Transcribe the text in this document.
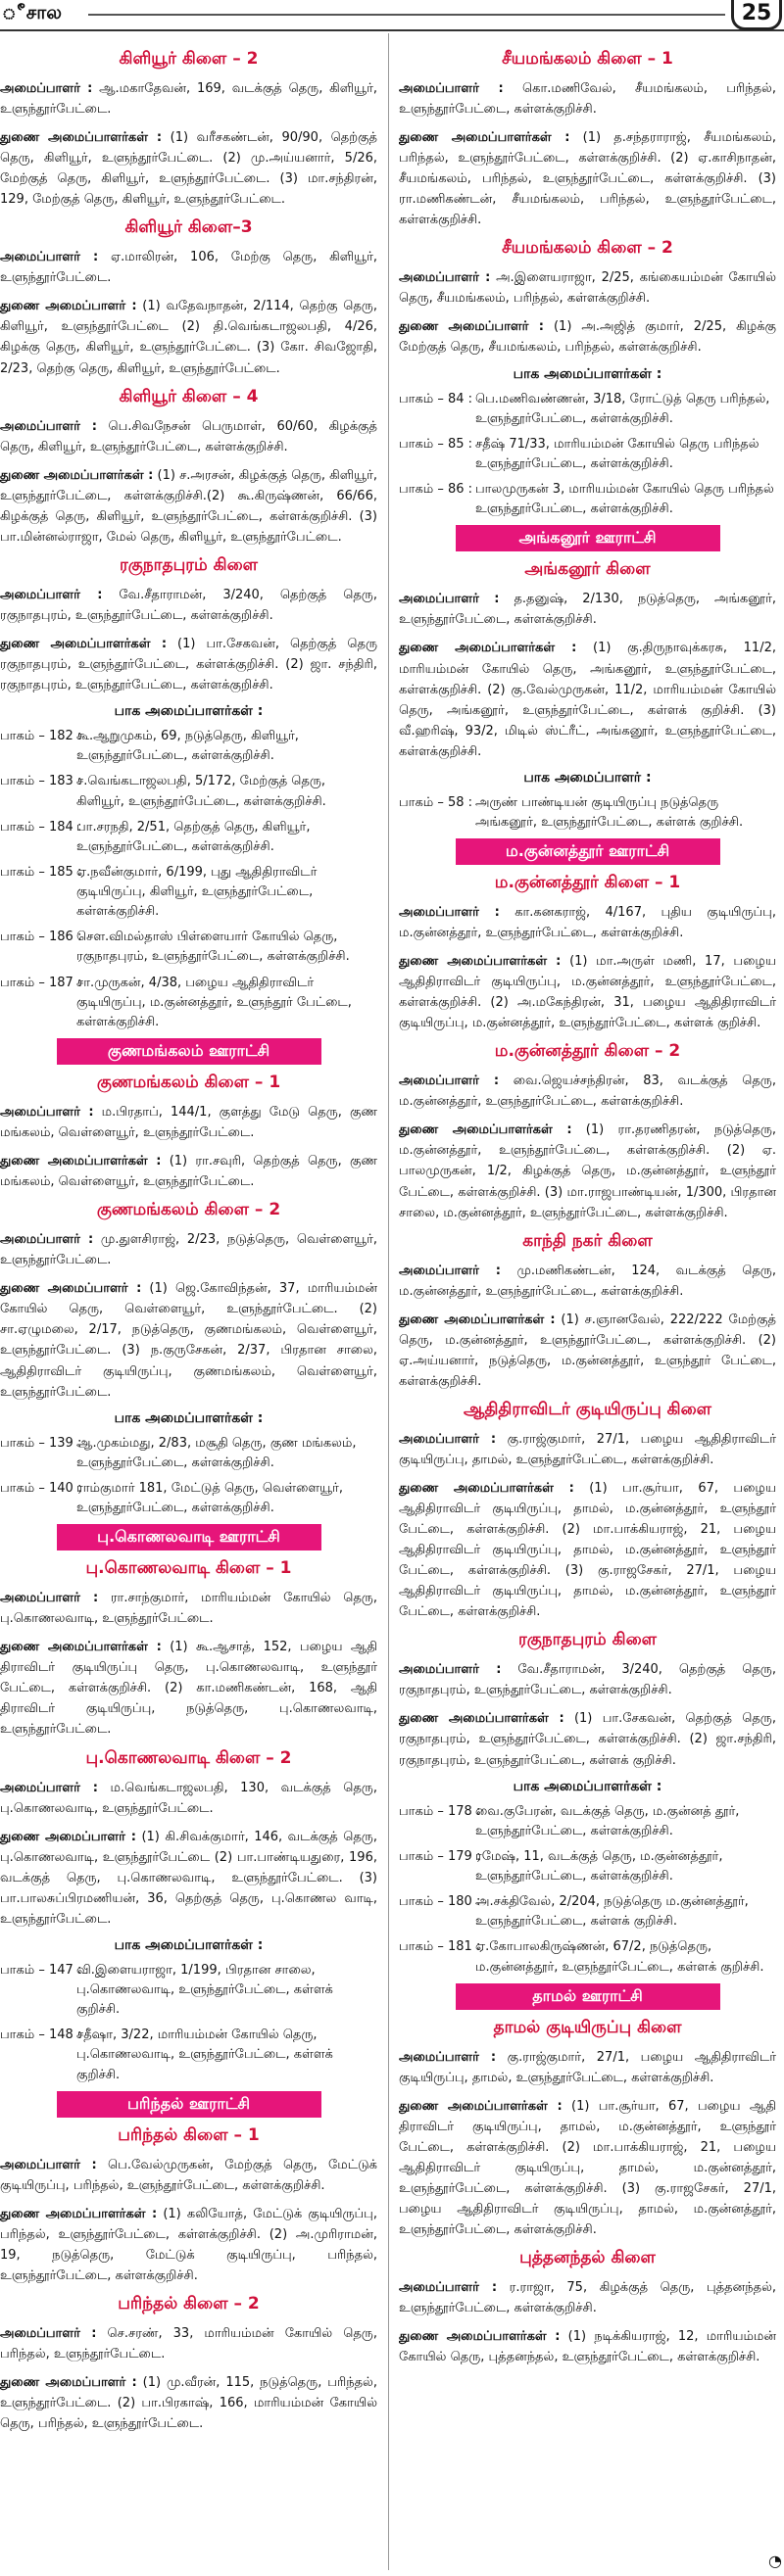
ீசால	25
கிளியூர் கிளை – 2

அமைப்பாளர் : ஆ.மகாதேவன், 169, வடக்குத் தெரு, கிளியூர், உளுந்தூர்பேட்டை.

துணை அமைப்பாளர்கள் : (1) வரீசகண்டன், 90/90, தெற்குத் தெரு, கிளியூர், உளுந்தூர்பேட்டை. (2) மு.அய்யனார், 5/26, மேற்குத் தெரு, கிளியூர், உளுந்தூர்பேட்டை. (3) மா.சந்திரன், 129, மேற்குத் தெரு, கிளியூர், உளுந்தூர்பேட்டை.

கிளியூர் கிளை–3

அமைப்பாளர் : ஏ.மாலிரன், 106, மேற்கு தெரு, கிளியூர், உளுந்தூர்பேட்டை.

துணை அமைப்பாளர் : (1) வதேவநாதன், 2/114, தெற்கு தெரு, கிளியூர், உளுந்தூர்பேட்டை (2) தி.வெங்கடாஜலபதி, 4/26, கிழக்கு தெரு, கிளியூர், உளுந்தூர்பேட்டை. (3) கோ. சிவஜோதி, 2/23, தெற்கு தெரு, கிளியூர், உளுந்தூர்பேட்டை.

கிளியூர் கிளை – 4

அமைப்பாளர் : பெ.சிவநேசன் பெருமாள், 60/60, கிழக்குத் தெரு, கிளியூர், உளுந்தூர்பேட்டை, கள்ளக்குறிச்சி.

துணை அமைப்பாளர்கள் : (1) ச.அரசன், கிழக்குத் தெரு, கிளியூர், உளுந்தூர்பேட்டை, கள்ளக்குறிச்சி.(2) கூ.கிருஷ்ணன், 66/66, கிழக்குத் தெரு, கிளியூர், உளுந்தூர்பேட்டை, கள்ளக்குறிச்சி. (3) பா.மின்னல்ராஜா, மேல் தெரு, கிளியூர், உளுந்தூர்பேட்டை.

ரகுநாதபுரம் கிளை

அமைப்பாளர் : வே.சீதாராமன், 3/240, தெற்குத் தெரு, ரகுநாதபுரம், உளுந்தூர்பேட்டை, கள்ளக்குறிச்சி.

துணை அமைப்பாளர்கள் : (1) பா.சேகவன், தெற்குத் தெரு ரகுநாதபுரம், உளுந்தூர்பேட்டை, கள்ளக்குறிச்சி. (2) ஜா. சந்திரி, ரகுநாதபுரம், உளுந்தூர்பேட்டை, கள்ளக்குறிச்சி.

பாக அமைப்பாளர்கள் :
பாகம் – 182 :
கூ.ஆறுமுகம், 69, நடுத்தெரு, கிளியூர், உளுந்தூர்பேட்டை, கள்ளக்குறிச்சி.
பாகம் – 183 :
ச.வெங்கடாஜலபதி, 5/172, மேற்குத் தெரு, கிளியூர், உளுந்தூர்பேட்டை, கள்ளக்குறிச்சி.
பாகம் – 184 :
பா.சரநதி, 2/51, தெற்குத் தெரு, கிளியூர், உளுந்தூர்பேட்டை, கள்ளக்குறிச்சி.
பாகம் – 185 :
ஏ.நவீன்குமார், 6/199, புது ஆதிதிராவிடர் குடியிருப்பு, கிளியூர், உளுந்தூர்பேட்டை, கள்ளக்குறிச்சி.
பாகம் – 186 :
செள.விமல்தாஸ் பிள்ளையார் கோயில் தெரு, ரகுநாதபுரம், உளுந்தூர்பேட்டை, கள்ளக்குறிச்சி.
பாகம் – 187 :
சா.முருகன், 4/38, பழைய ஆதிதிராவிடர் குடியிருப்பு, ம.குன்னத்தூர், உளுந்தூர் பேட்டை, கள்ளக்குறிச்சி.
குணமங்கலம் ஊராட்சி
குணமங்கலம் கிளை – 1

அமைப்பாளர் : ம.பிரதாப், 144/1, குளத்து மேடு தெரு, குண மங்கலம், வெள்ளையூர், உளுந்தூர்பேட்டை.

துணை அமைப்பாளர்கள் : (1) ரா.சவுரி, தெற்குத் தெரு, குண மங்கலம், வெள்ளையூர், உளுந்தூர்பேட்டை.

குணமங்கலம் கிளை – 2

அமைப்பாளர் : மு.துளசிராஜ், 2/23, நடுத்தெரு, வெள்ளையூர், உளுந்தூர்பேட்டை.

துணை அமைப்பாளர் : (1) ஜெ.கோவிந்தன், 37, மாரியம்மன் கோயில் தெரு, வெள்ளையூர், உளுந்தூர்பேட்டை. (2) சா.ஏழுமலை, 2/17, நடுத்தெரு, குணமங்கலம், வெள்ளையூர், உளுந்தூர்பேட்டை. (3) ந.குருசேகன், 2/37, பிரதான சாலை, ஆதிதிராவிடர் குடியிருப்பு, குணமங்கலம், வெள்ளையூர், உளுந்தூர்பேட்டை.

பாக அமைப்பாளர்கள் :
பாகம் – 139 :
ஆ.முகம்மது, 2/83, மசூதி தெரு, குண மங்கலம், உளுந்தூர்பேட்டை, கள்ளக்குறிச்சி.
பாகம் – 140 :
ராம்குமார் 181, மேட்டுத் தெரு, வெள்ளையூர், உளுந்தூர்பேட்டை, கள்ளக்குறிச்சி.
பு.கொணலவாடி ஊராட்சி
பு.கொணலவாடி கிளை – 1

அமைப்பாளர் : ரா.சாந்குமார், மாரியம்மன் கோயில் தெரு, பு.கொணலவாடி, உளுந்தூர்பேட்டை.

துணை அமைப்பாளர்கள் : (1) கூ.ஆசாத், 152, பழைய ஆதி திராவிடர் குடியிருப்பு தெரு, பு.கொணலவாடி, உளுந்தூர் பேட்டை, கள்ளக்குறிச்சி. (2) கா.மணிகண்டன், 168, ஆதி திராவிடர் குடியிருப்பு, நடுத்தெரு, பு.கொணலவாடி, உளுந்தூர்பேட்டை.

பு.கொணலவாடி கிளை – 2

அமைப்பாளர் : ம.வெங்கடாஜலபதி, 130, வடக்குத் தெரு, பு.கொணலவாடி, உளுந்தூர்பேட்டை.

துணை அமைப்பாளர் : (1) கி.சிவக்குமார், 146, வடக்குத் தெரு, பு.கொணலவாடி, உளுந்தூர்பேட்டை (2) பா.பாண்டியதுரை, 196, வடக்குத் தெரு, பு.கொணலவாடி, உளுந்தூர்பேட்டை. (3) பா.பாலசுப்பிரமணியன், 36, தெற்குத் தெரு, பு.கொணல வாடி, உளுந்தூர்பேட்டை.

பாக அமைப்பாளர்கள் :
பாகம் – 147 :
வி.இளையராஜா, 1/199, பிரதான சாலை, பு.கொணலவாடி, உளுந்தூர்பேட்டை, கள்ளக் குறிச்சி.
பாகம் – 148 :
சதீஷா, 3/22, மாரியம்மன் கோயில் தெரு, பு.கொணலவாடி, உளுந்தூர்பேட்டை, கள்ளக் குறிச்சி.
பரிந்தல் ஊராட்சி
பரிந்தல் கிளை – 1

அமைப்பாளர் : பெ.வேல்முருகன், மேற்குத் தெரு, மேட்டுக் குடியிருப்பு, பரிந்தல், உளுந்தூர்பேட்டை, கள்ளக்குறிச்சி.

துணை அமைப்பாளர்கள் : (1) கலியோத், மேட்டுக் குடியிருப்பு, பரிந்தல், உளுந்தூர்பேட்டை, கள்ளக்குறிச்சி. (2) அ.முரிராமன், 19, நடுத்தெரு, மேட்டுக் குடியிருப்பு, பரிந்தல், உளுந்தூர்பேட்டை, கள்ளக்குறிச்சி.

பரிந்தல் கிளை – 2

அமைப்பாளர் : செ.சரண், 33, மாரியம்மன் கோயில் தெரு, பரிந்தல், உளுந்தூர்பேட்டை.

துணை அமைப்பாளர் : (1) மு.வீரன், 115, நடுத்தெரு, பரிந்தல், உளுந்தூர்பேட்டை. (2) பா.பிரகாஷ், 166, மாரியம்மன் கோயில் தெரு, பரிந்தல், உளுந்தூர்பேட்டை.

சீயமங்கலம் கிளை – 1

அமைப்பாளர் : கொ.மணிவேல், சீயமங்கலம், பரிந்தல், உளுந்தூர்பேட்டை, கள்ளக்குறிச்சி.

துணை அமைப்பாளர்கள் : (1) த.சந்தராராஜ், சீயமங்கலம், பரிந்தல், உளுந்தூர்பேட்டை, கள்ளக்குறிச்சி. (2) ஏ.காசிநாதன், சீயமங்கலம், பரிந்தல், உளுந்தூர்பேட்டை, கள்ளக்குறிச்சி. (3) ரா.மணிகண்டன், சீயமங்கலம், பரிந்தல், உளுந்தூர்பேட்டை, கள்ளக்குறிச்சி.

சீயமங்கலம் கிளை – 2

அமைப்பாளர் : அ.இளையராஜா, 2/25, கங்கையம்மன் கோயில் தெரு, சீயமங்கலம், பரிந்தல், கள்ளக்குறிச்சி.

துணை அமைப்பாளர் : (1) அ.அஜித் குமார், 2/25, கிழக்கு மேற்குத் தெரு, சீயமங்கலம், பரிந்தல், கள்ளக்குறிச்சி.

பாக அமைப்பாளர்கள் :
பாகம் – 84 : பெ.மணிவண்ணன், 3/18, ரோட்டுத் தெரு பரிந்தல், உளுந்தூர்பேட்டை, கள்ளக்குறிச்சி.
பாகம் – 85 : சதீஷ் 71/33, மாரியம்மன் கோயில் தெரு பரிந்தல் உளுந்தூர்பேட்டை, கள்ளக்குறிச்சி.
பாகம் – 86 : பாலமுருகன் 3, மாரியம்மன் கோயில் தெரு பரிந்தல் உளுந்தூர்பேட்டை, கள்ளக்குறிச்சி.
அங்கனூர் ஊராட்சி
அங்கனூர் கிளை

அமைப்பாளர் : த.தனுஷ், 2/130, நடுத்தெரு, அங்கனூர், உளுந்தூர்பேட்டை, கள்ளக்குறிச்சி.

துணை அமைப்பாளர்கள் : (1) கு.திருநாவுக்கரசு, 11/2, மாரியம்மன் கோயில் தெரு, அங்கனூர், உளுந்தூர்பேட்டை, கள்ளக்குறிச்சி. (2) கு.வேல்முருகன், 11/2, மாரியம்மன் கோயில் தெரு, அங்கனூர், உளுந்தூர்பேட்டை, கள்ளக் குறிச்சி. (3) வீ.ஹரிஷ், 93/2, மிடில் ஸ்ட்ரீட், அங்கனூர், உளுந்தூர்பேட்டை, கள்ளக்குறிச்சி.

பாக அமைப்பாளர் :
பாகம் – 58 : அருண் பாண்டியன் குடியிருப்பு நடுத்தெரு அங்கனூர், உளுந்தூர்பேட்டை, கள்ளக் குறிச்சி.
ம.குன்னத்தூர் ஊராட்சி
ம.குன்னத்தூர் கிளை – 1

அமைப்பாளர் : கா.கனகராஜ், 4/167, புதிய குடியிருப்பு, ம.குன்னத்தூர், உளுந்தூர்பேட்டை, கள்ளக்குறிச்சி.

துணை அமைப்பாளர்கள் : (1) மா.அருள் மணி, 17, பழைய ஆதிதிராவிடர் குடியிருப்பு, ம.குன்னத்தூர், உளுந்தூர்பேட்டை, கள்ளக்குறிச்சி. (2) அ.மகேந்திரன், 31, பழைய ஆதிதிராவிடர் குடியிருப்பு, ம.குன்னத்தூர், உளுந்தூர்பேட்டை, கள்ளக் குறிச்சி.

ம.குன்னத்தூர் கிளை – 2

அமைப்பாளர் : வை.ஜெயச்சந்திரன், 83, வடக்குத் தெரு, ம.குன்னத்தூர், உளுந்தூர்பேட்டை, கள்ளக்குறிச்சி.

துணை அமைப்பாளர்கள் : (1) ரா.தரணிதரன், நடுத்தெரு, ம.குன்னத்தூர், உளுந்தூர்பேட்டை, கள்ளக்குறிச்சி. (2) ஏ. பாலமுருகன், 1/2, கிழக்குத் தெரு, ம.குன்னத்தூர், உளுந்தூர் பேட்டை, கள்ளக்குறிச்சி. (3) மா.ராஜபாண்டியன், 1/300, பிரதான சாலை, ம.குன்னத்தூர், உளுந்தூர்பேட்டை, கள்ளக்குறிச்சி.

காந்தி நகர் கிளை

அமைப்பாளர் : மு.மணிகண்டன், 124, வடக்குத் தெரு, ம.குன்னத்தூர், உளுந்தூர்பேட்டை, கள்ளக்குறிச்சி.

துணை அமைப்பாளர்கள் : (1) ச.ஞானவேல், 222/222 மேற்குத் தெரு, ம.குன்னத்தூர், உளுந்தூர்பேட்டை, கள்ளக்குறிச்சி. (2) ஏ.அய்யனார், நடுத்தெரு, ம.குன்னத்தூர், உளுந்தூர் பேட்டை, கள்ளக்குறிச்சி.

ஆதிதிராவிடர் குடியிருப்பு கிளை

அமைப்பாளர் : கு.ராஜ்குமார், 27/1, பழைய ஆதிதிராவிடர் குடியிருப்பு, தாமல், உளுந்தூர்பேட்டை, கள்ளக்குறிச்சி.

துணை அமைப்பாளர்கள் : (1) பா.சூர்யா, 67, பழைய ஆதிதிராவிடர் குடியிருப்பு, தாமல், ம.குன்னத்தூர், உளுந்தூர் பேட்டை, கள்ளக்குறிச்சி. (2) மா.பாக்கியராஜ், 21, பழைய ஆதிதிராவிடர் குடியிருப்பு, தாமல், ம.குன்னத்தூர், உளுந்தூர் பேட்டை, கள்ளக்குறிச்சி. (3) கு.ராஜசேகர், 27/1, பழைய ஆதிதிராவிடர் குடியிருப்பு, தாமல், ம.குன்னத்தூர், உளுந்தூர் பேட்டை, கள்ளக்குறிச்சி.

ரகுநாதபுரம் கிளை

அமைப்பாளர் : வே.சீதாராமன், 3/240, தெற்குத் தெரு, ரகுநாதபுரம், உளுந்தூர்பேட்டை, கள்ளக்குறிச்சி.

துணை அமைப்பாளர்கள் : (1) பா.சேகவன், தெற்குத் தெரு, ரகுநாதபுரம், உளுந்தூர்பேட்டை, கள்ளக்குறிச்சி. (2) ஜா.சந்திரி, ரகுநாதபுரம், உளுந்தூர்பேட்டை, கள்ளக் குறிச்சி.

பாக அமைப்பாளர்கள் :
பாகம் – 178 :
வை.குபேரன், வடக்குத் தெரு, ம.குன்னத் தூர், உளுந்தூர்பேட்டை, கள்ளக்குறிச்சி.
பாகம் – 179 :
ரமேஷ், 11, வடக்குத் தெரு, ம.குன்னத்தூர், உளுந்தூர்பேட்டை, கள்ளக்குறிச்சி.
பாகம் – 180 :
அ.சக்திவேல், 2/204, நடுத்தெரு ம.குன்னத்தூர், உளுந்தூர்பேட்டை, கள்ளக் குறிச்சி.
பாகம் – 181 :
ஏ.கோபாலகிருஷ்ணன், 67/2, நடுத்தெரு, ம.குன்னத்தூர், உளுந்தூர்பேட்டை, கள்ளக் குறிச்சி.
தாமல் ஊராட்சி
தாமல் குடியிருப்பு கிளை

அமைப்பாளர் : கு.ராஜ்குமார், 27/1, பழைய ஆதிதிராவிடர் குடியிருப்பு, தாமல், உளுந்தூர்பேட்டை, கள்ளக்குறிச்சி.

துணை அமைப்பாளர்கள் : (1) பா.சூர்யா, 67, பழைய ஆதி திராவிடர் குடியிருப்பு, தாமல், ம.குன்னத்தூர், உளுந்தூர் பேட்டை, கள்ளக்குறிச்சி. (2) மா.பாக்கியராஜ், 21, பழைய ஆதிதிராவிடர் குடியிருப்பு, தாமல், ம.குன்னத்தூர், உளுந்தூர்பேட்டை, கள்ளக்குறிச்சி. (3) கு.ராஜசேகர், 27/1, பழைய ஆதிதிராவிடர் குடியிருப்பு, தாமல், ம.குன்னத்தூர், உளுந்தூர்பேட்டை, கள்ளக்குறிச்சி.

புத்தனந்தல் கிளை

அமைப்பாளர் : ர.ராஜா, 75, கிழக்குத் தெரு, புத்தனந்தல், உளுந்தூர்பேட்டை, கள்ளக்குறிச்சி.

துணை அமைப்பாளர்கள் : (1) நடிக்கியராஜ், 12, மாரியம்மன் கோயில் தெரு, புத்தனந்தல், உளுந்தூர்பேட்டை, கள்ளக்குறிச்சி.

◔
